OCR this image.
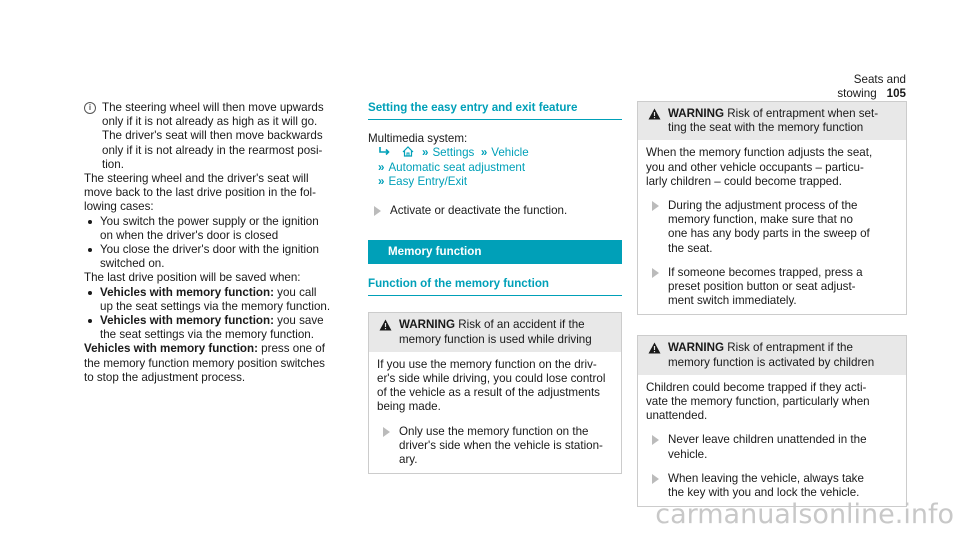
Seats and stowing 105
i The steering wheel will then move upwards
only if it is not already as high as it will go.
The driver's seat will then move backwards
only if it is not already in the rearmost posi-
tion.
The steering wheel and the driver's seat will
move back to the last drive position in the fol-
lowing cases:
You switch the power supply or the ignition
on when the driver's door is closed
You close the driver's door with the ignition
switched on.
The last drive position will be saved when:
Vehicles with memory function: you call
up the seat settings via the memory function.
Vehicles with memory function: you save
the seat settings via the memory function.
Vehicles with memory function: press one of
the memory function memory position switches
to stop the adjustment process.
Setting the easy entry and exit feature
Multimedia system:
» Settings » Vehicle
» Automatic seat adjustment
» Easy Entry/Exit
Activate or deactivate the function.
Memory function
Function of the memory function
WARNING Risk of an accident if the
memory function is used while driving
If you use the memory function on the driv-
er's side while driving, you could lose control
of the vehicle as a result of the adjustments
being made.
Only use the memory function on the
driver's side when the vehicle is station-
ary.
WARNING Risk of entrapment when set-
ting the seat with the memory function
When the memory function adjusts the seat,
you and other vehicle occupants – particu-
larly children – could become trapped.
During the adjustment process of the
memory function, make sure that no
one has any body parts in the sweep of
the seat.
If someone becomes trapped, press a
preset position button or seat adjust-
ment switch immediately.
WARNING Risk of entrapment if the
memory function is activated by children
Children could become trapped if they acti-
vate the memory function, particularly when
unattended.
Never leave children unattended in the
vehicle.
When leaving the vehicle, always take
the key with you and lock the vehicle.
carmanualsonline.info
